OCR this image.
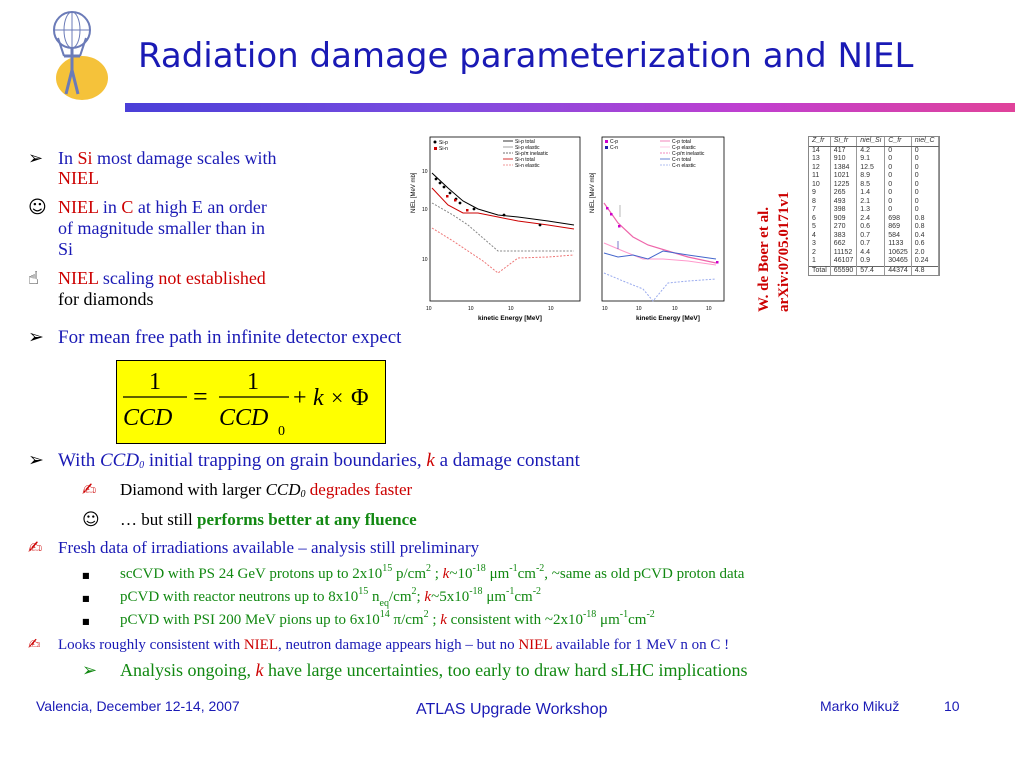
Radiation damage parameterization and NIEL
➢ In Si most damage scales with
NIEL
☺ NIEL in C at high E an order
of magnitude smaller than in
Si
☝ NIEL scaling not established
for diamonds
➢ For mean free path in infinite detector expect
NIEL [MeV mb]
kinetic Energy [MeV]
10
10
10
10	10	10	10
Si-p
Si-n
Si-p total
Si-p elastic
Si-p/π inelastic
Si-n total
Si-n elastic
NIEL [MeV mb]
kinetic Energy [MeV]
10	10	10	10
C-p
C-n
C-p total
C-p elastic
C-p/π inelastic
C-n total
C-n elastic
W. de Boer et al. arXiv:0705.0171v1
Z_fr	Si_fr	niel_Si	C_fr	niel_C
14	417	4.2	0	0
13	910	9.1	0	0
12	1384	12.5	0	0
11	1021	8.9	0	0
10	1225	8.5	0	0
9	265	1.4	0	0
8	493	2.1	0	0
7	398	1.3	0	0
6	909	2.4	698	0.8
5	270	0.6	869	0.8
4	383	0.7	584	0.4
3	662	0.7	1133	0.6
2	11152	4.4	10625	2.0
1	46107	0.9	30465	0.24
Total	65590	57.4	44374	4.8
1
CCD
= 1
CCD
0
+ k × Φ
➢ With CCD0 initial trapping on grain boundaries, k a damage constant
✍ Diamond with larger CCD0 degrades faster
☺ … but still performs better at any fluence
✍ Fresh data of irradiations available – analysis still preliminary
■ scCVD with PS 24 GeV protons up to $2x10^{15}$ $p/cm^2$ ; $k\sim 10^{-18}$ $\mu m^{-1}cm^{-2}$, ~same as old pCVD proton data
■ pCVD with reactor neutrons up to $8x10^{15}$ neq/$cm^2$; $k\sim 5x10^{-18}$ $\mu m^{-1}cm^{-2}$
■ pCVD with PSI 200 MeV pions up to $6x10^{14}$ $\pi/cm^2$ ; k consistent with $\sim 2x10^{-18}$ $\mu m^{-1}cm^{-2}$
✍ Looks roughly consistent with NIEL, neutron damage appears high – but no NIEL available for 1 MeV n on C !
➢ Analysis ongoing, k have large uncertainties, too early to draw hard sLHC implications
Valencia, December 12-14, 2007	ATLAS Upgrade Workshop	Marko Mikuž	10
